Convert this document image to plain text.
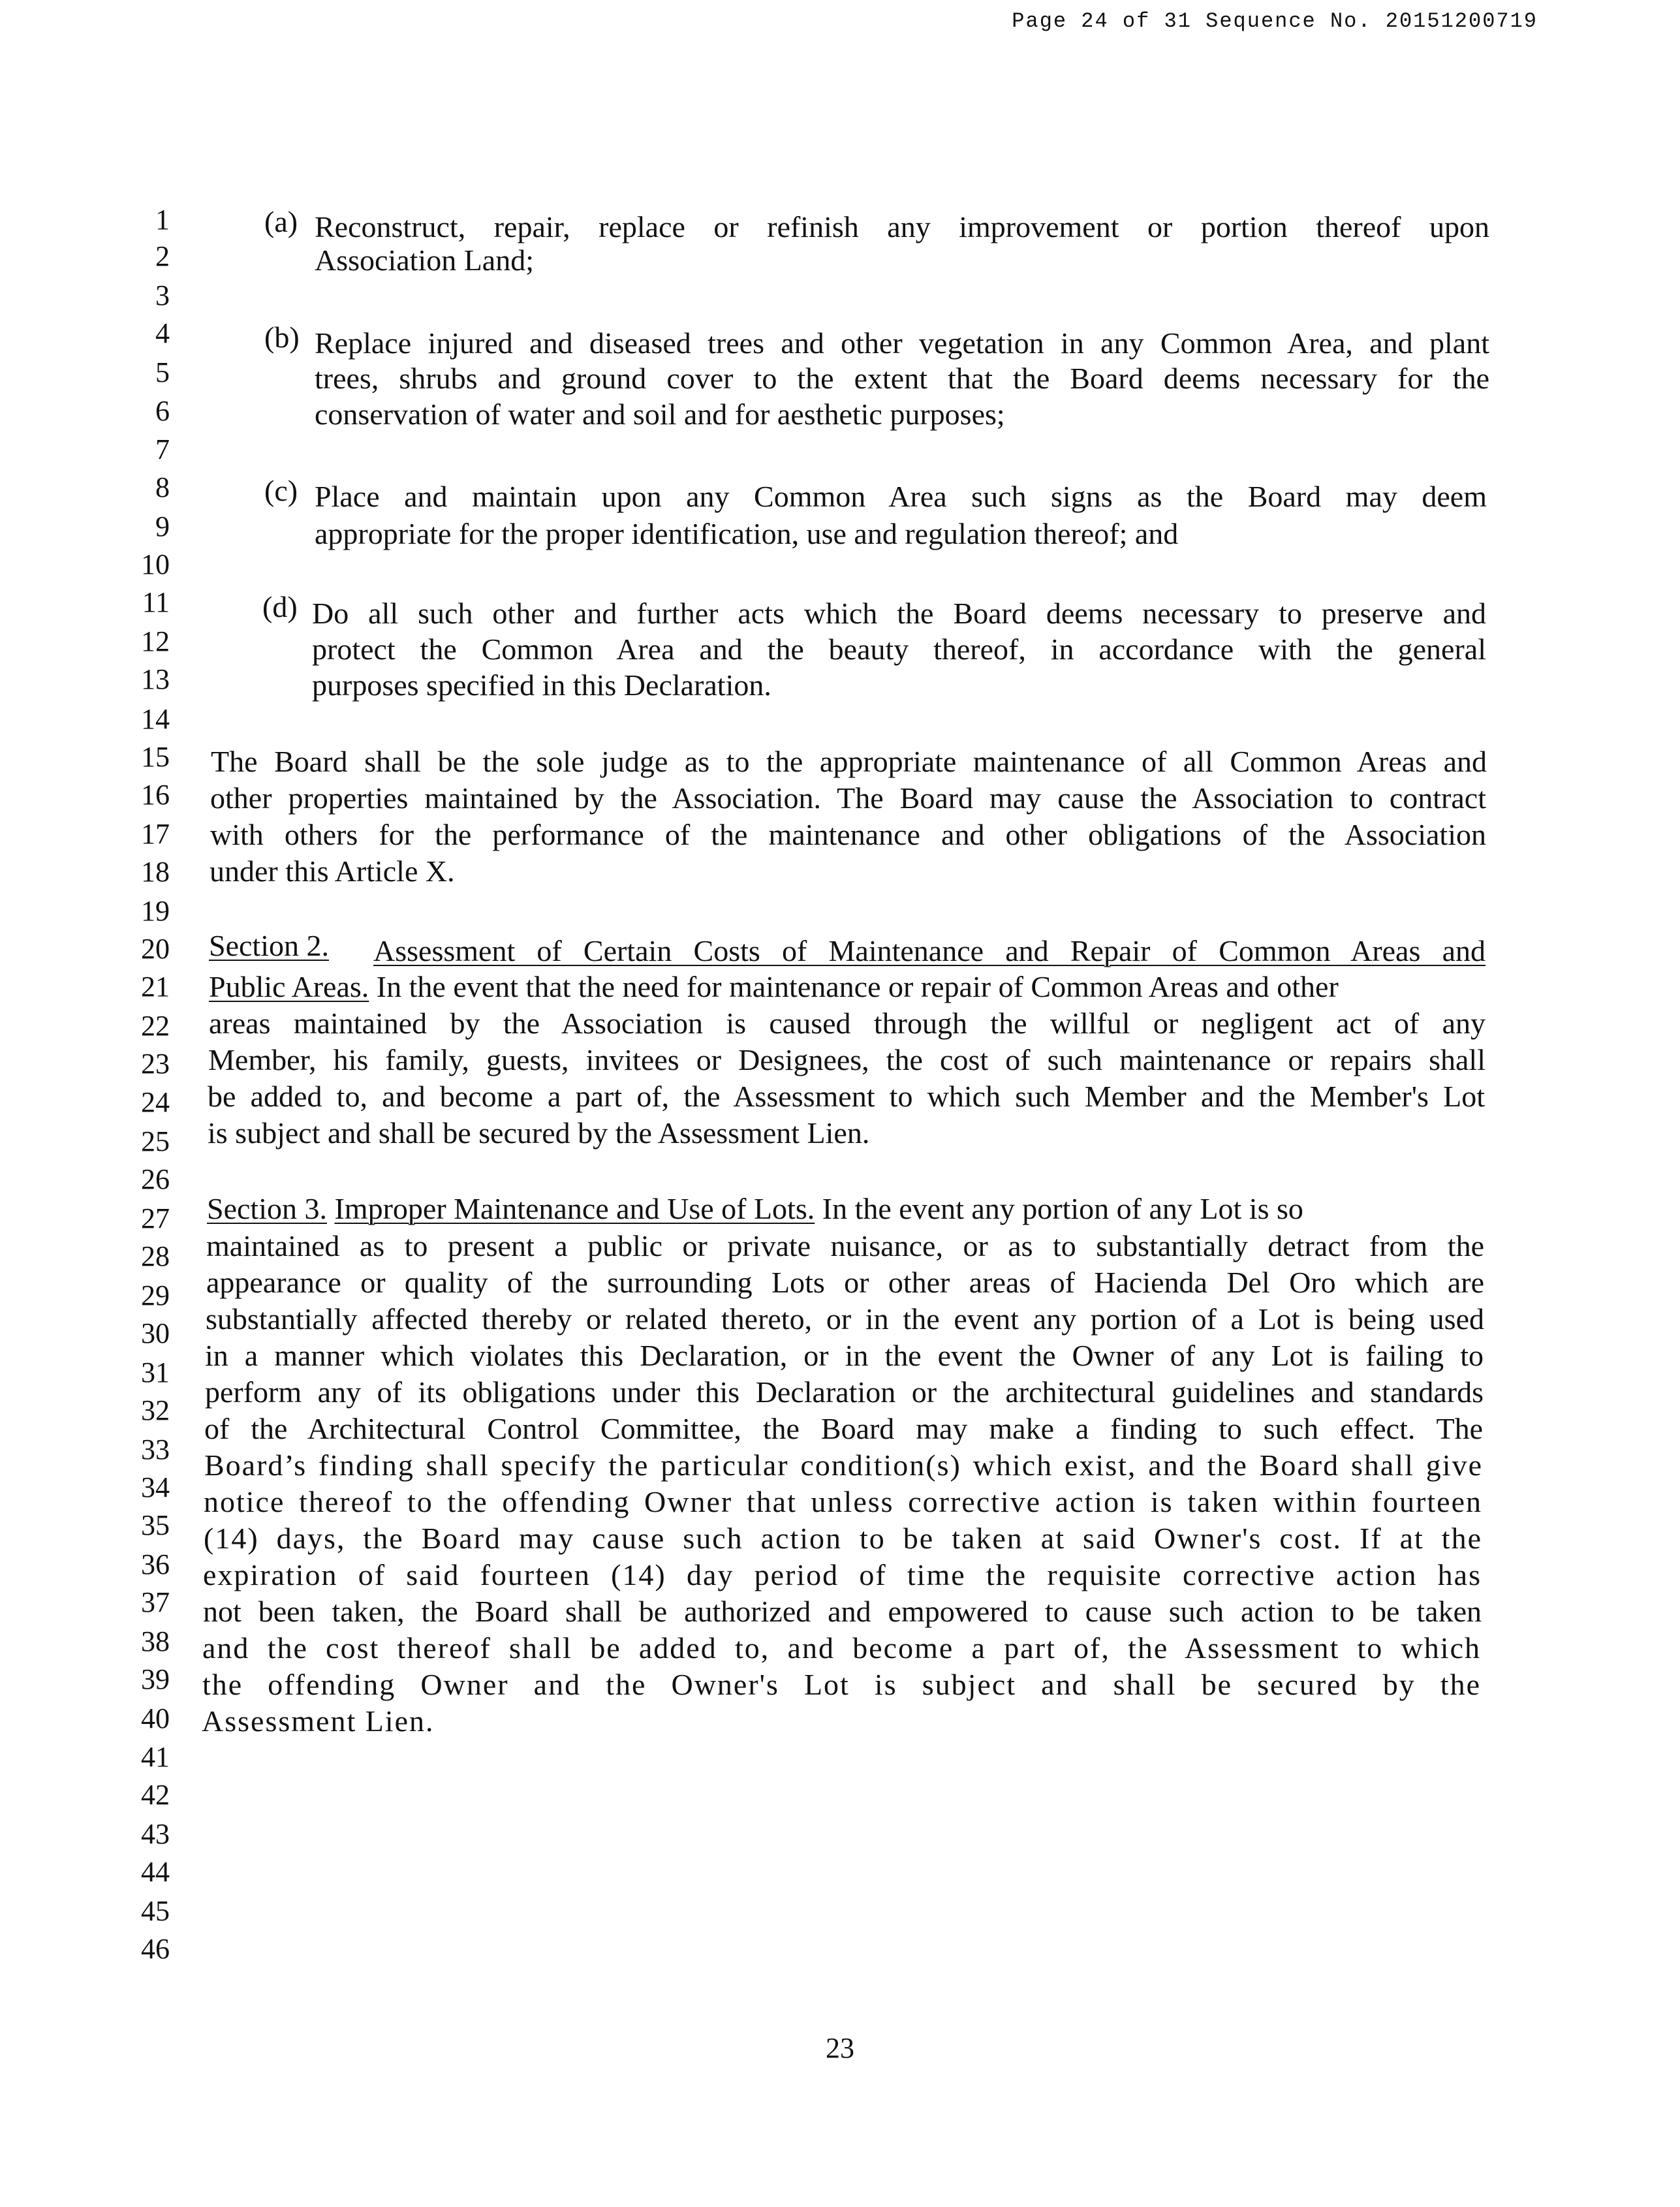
Page 24 of 31 Sequence No. 20151200719
1
2
3
4
5
6
7
8
9
10
11
12
13
14
15
16
17
18
19
20
21
22
23
24
25
26
27
28
29
30
31
32
33
34
35
36
37
38
39
40
41
42
43
44
45
46
(a) Reconstruct, repair, replace or refinish any improvement or portion thereof upon
Association Land;
(b) Replace injured and diseased trees and other vegetation in any Common Area, and plant
trees, shrubs and ground cover to the extent that the Board deems necessary for the
conservation of water and soil and for aesthetic purposes;
(c) Place and maintain upon any Common Area such signs as the Board may deem
appropriate for the proper identification, use and regulation thereof; and
(d) Do all such other and further acts which the Board deems necessary to preserve and
protect the Common Area and the beauty thereof, in accordance with the general
purposes specified in this Declaration.
The Board shall be the sole judge as to the appropriate maintenance of all Common Areas and
other properties maintained by the Association. The Board may cause the Association to contract
with others for the performance of the maintenance and other obligations of the Association
under this Article X.
Section 2. Assessment of Certain Costs of Maintenance and Repair of Common Areas and
Public Areas. In the event that the need for maintenance or repair of Common Areas and other
areas maintained by the Association is caused through the willful or negligent act of any
Member, his family, guests, invitees or Designees, the cost of such maintenance or repairs shall
be added to, and become a part of, the Assessment to which such Member and the Member's Lot
is subject and shall be secured by the Assessment Lien.
Section 3. Improper Maintenance and Use of Lots. In the event any portion of any Lot is so
maintained as to present a public or private nuisance, or as to substantially detract from the
appearance or quality of the surrounding Lots or other areas of Hacienda Del Oro which are
substantially affected thereby or related thereto, or in the event any portion of a Lot is being used
in a manner which violates this Declaration, or in the event the Owner of any Lot is failing to
perform any of its obligations under this Declaration or the architectural guidelines and standards
of the Architectural Control Committee, the Board may make a finding to such effect. The
Board’s finding shall specify the particular condition(s) which exist, and the Board shall give
notice thereof to the offending Owner that unless corrective action is taken within fourteen
(14) days, the Board may cause such action to be taken at said Owner's cost. If at the
expiration of said fourteen (14) day period of time the requisite corrective action has
not been taken, the Board shall be authorized and empowered to cause such action to be taken
and the cost thereof shall be added to, and become a part of, the Assessment to which
the offending Owner and the Owner's Lot is subject and shall be secured by the
Assessment Lien.
23
